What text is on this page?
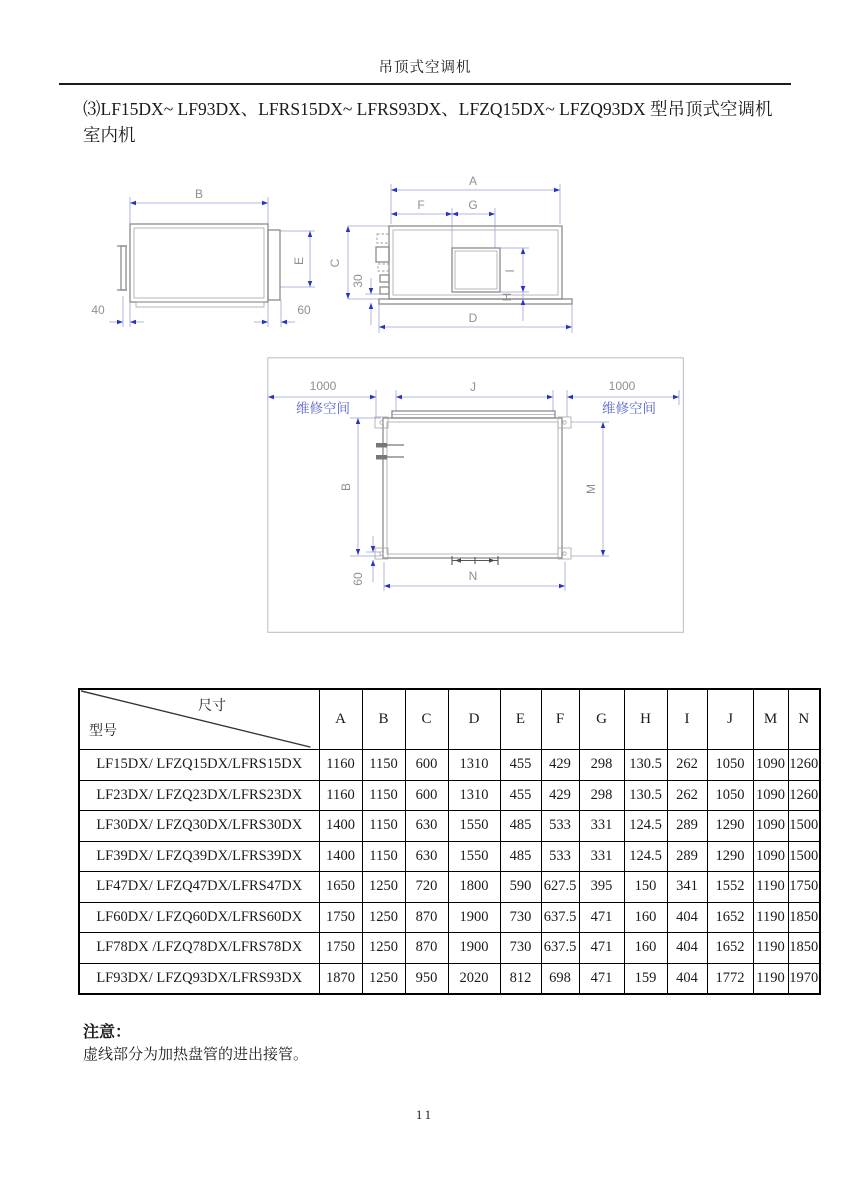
吊顶式空调机
⑶LF15DX~ LF93DX、LFRS15DX~ LFRS93DX、LFZQ15DX~ LFZQ93DX 型吊顶式空调机
室内机
B
E
40	60
A
F	G
C
30
I
H
D
J
1000
维修空间
1000
维修空间
B	M
60	N
尺寸
型号	A	B	C	D	E	F	G	H	I	J	M	N
LF15DX/ LFZQ15DX/LFRS15DX	1160	1150	600	1310	455	429	298	130.5	262	1050	1090	1260
LF23DX/ LFZQ23DX/LFRS23DX	1160	1150	600	1310	455	429	298	130.5	262	1050	1090	1260
LF30DX/ LFZQ30DX/LFRS30DX	1400	1150	630	1550	485	533	331	124.5	289	1290	1090	1500
LF39DX/ LFZQ39DX/LFRS39DX	1400	1150	630	1550	485	533	331	124.5	289	1290	1090	1500
LF47DX/ LFZQ47DX/LFRS47DX	1650	1250	720	1800	590	627.5	395	150	341	1552	1190	1750
LF60DX/ LFZQ60DX/LFRS60DX	1750	1250	870	1900	730	637.5	471	160	404	1652	1190	1850
LF78DX /LFZQ78DX/LFRS78DX	1750	1250	870	1900	730	637.5	471	160	404	1652	1190	1850
LF93DX/ LFZQ93DX/LFRS93DX	1870	1250	950	2020	812	698	471	159	404	1772	1190	1970
注意：
虚线部分为加热盘管的进出接管。
11
